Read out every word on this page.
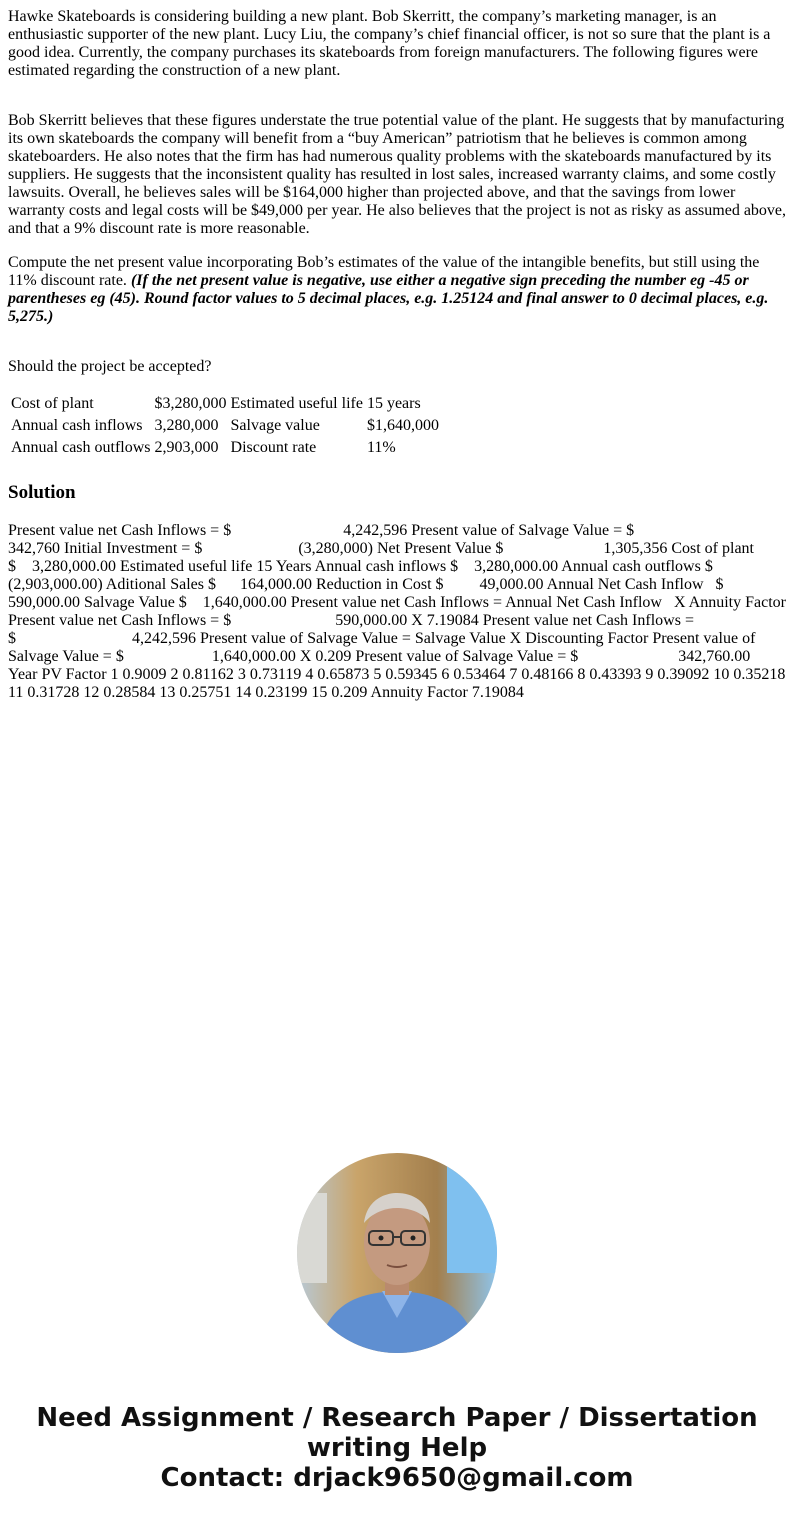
Hawke Skateboards is considering building a new plant. Bob Skerritt, the company’s marketing manager, is an enthusiastic supporter of the new plant. Lucy Liu, the company’s chief financial officer, is not so sure that the plant is a good idea. Currently, the company purchases its skateboards from foreign manufacturers. The following figures were estimated regarding the construction of a new plant.

Bob Skerritt believes that these figures understate the true potential value of the plant. He suggests that by manufacturing its own skateboards the company will benefit from a “buy American” patriotism that he believes is common among skateboarders. He also notes that the firm has had numerous quality problems with the skateboards manufactured by its suppliers. He suggests that the inconsistent quality has resulted in lost sales, increased warranty claims, and some costly lawsuits. Overall, he believes sales will be $164,000 higher than projected above, and that the savings from lower warranty costs and legal costs will be $49,000 per year. He also believes that the project is not as risky as assumed above, and that a 9% discount rate is more reasonable.

Compute the net present value incorporating Bob’s estimates of the value of the intangible benefits, but still using the 11% discount rate. (If the net present value is negative, use either a negative sign preceding the number eg -45 or parentheses eg (45). Round factor values to 5 decimal places, e.g. 1.25124 and final answer to 0 decimal places, e.g. 5,275.)

Should the project be accepted?

Cost of plant	$3,280,000	Estimated useful life	15 years
Annual cash inflows	3,280,000	Salvage value	$1,640,000
Annual cash outflows	2,903,000	Discount rate	11%
Solution
Present value net Cash Inflows = $	4,242,596 Present value of Salvage Value = $
342,760 Initial Investment = $	(3,280,000) Net Present Value $	1,305,356 Cost of plant
$    3,280,000.00 Estimated useful life 15 Years Annual cash inflows $    3,280,000.00 Annual cash outflows $
(2,903,000.00) Aditional Sales $      164,000.00 Reduction in Cost $         49,000.00 Annual Net Cash Inflow   $
590,000.00 Salvage Value $    1,640,000.00 Present value net Cash Inflows = Annual Net Cash Inflow   X Annuity Factor
Present value net Cash Inflows = $	590,000.00 X 7.19084 Present value net Cash Inflows =
$	4,242,596 Present value of Salvage Value = Salvage Value X Discounting Factor Present value of
Salvage Value = $	1,640,000.00 X 0.209 Present value of Salvage Value = $	342,760.00
Year PV Factor 1 0.9009 2 0.81162 3 0.73119 4 0.65873 5 0.59345 6 0.53464 7 0.48166 8 0.43393 9 0.39092 10 0.35218
11 0.31728 12 0.28584 13 0.25751 14 0.23199 15 0.209 Annuity Factor 7.19084
Need Assignment / Research Paper / Dissertation
writing Help
Contact: drjack9650@gmail.com
